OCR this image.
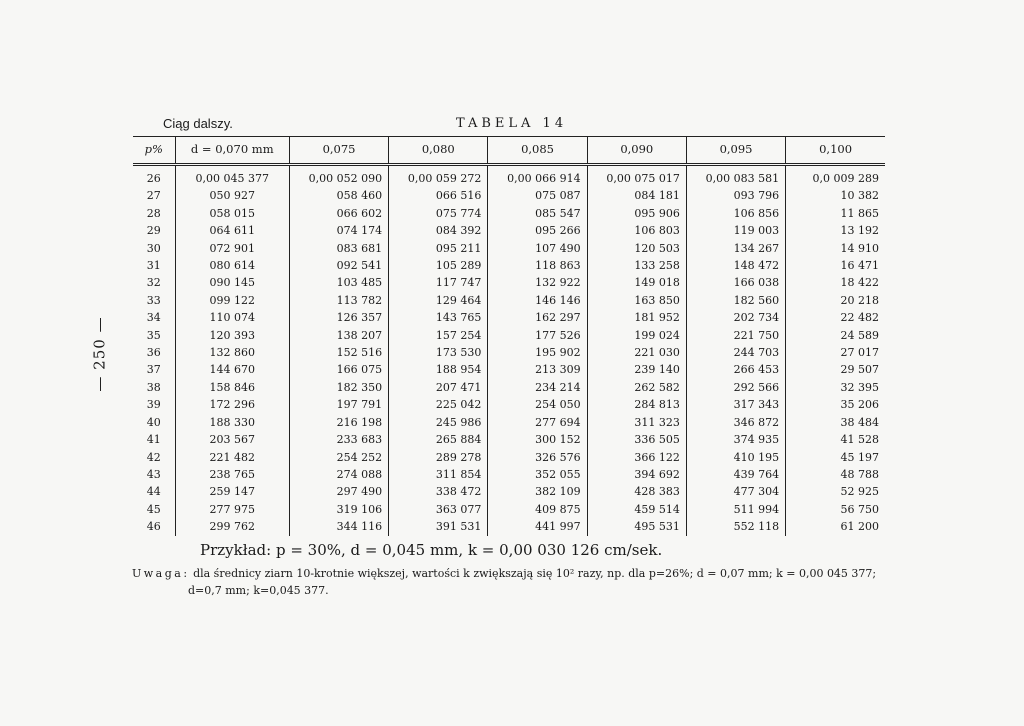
— 250 —
Ciąg dalszy.	TABELA 14
p%	d = 0,070 mm	0,075	0,080	0,085	0,090	0,095	0,100
26	0,00 045 377	0,00 052 090	0,00 059 272	0,00 066 914	0,00 075 017	0,00 083 581	0,0 009 289
27	050 927	058 460	066 516	075 087	084 181	093 796	10 382
28	058 015	066 602	075 774	085 547	095 906	106 856	11 865
29	064 611	074 174	084 392	095 266	106 803	119 003	13 192
30	072 901	083 681	095 211	107 490	120 503	134 267	14 910
31	080 614	092 541	105 289	118 863	133 258	148 472	16 471
32	090 145	103 485	117 747	132 922	149 018	166 038	18 422
33	099 122	113 782	129 464	146 146	163 850	182 560	20 218
34	110 074	126 357	143 765	162 297	181 952	202 734	22 482
35	120 393	138 207	157 254	177 526	199 024	221 750	24 589
36	132 860	152 516	173 530	195 902	221 030	244 703	27 017
37	144 670	166 075	188 954	213 309	239 140	266 453	29 507
38	158 846	182 350	207 471	234 214	262 582	292 566	32 395
39	172 296	197 791	225 042	254 050	284 813	317 343	35 206
40	188 330	216 198	245 986	277 694	311 323	346 872	38 484
41	203 567	233 683	265 884	300 152	336 505	374 935	41 528
42	221 482	254 252	289 278	326 576	366 122	410 195	45 197
43	238 765	274 088	311 854	352 055	394 692	439 764	48 788
44	259 147	297 490	338 472	382 109	428 383	477 304	52 925
45	277 975	319 106	363 077	409 875	459 514	511 994	56 750
46	299 762	344 116	391 531	441 997	495 531	552 118	61 200
Przykład: p = 30%, d = 0,045 mm, k = 0,00 030 126 cm/sek.
Uwaga: dla średnicy ziarn 10-krotnie większej, wartości k zwiększają się 10² razy, np. dla p=26%; d = 0,07 mm; k = 0,00 045 377;
d=0,7 mm; k=0,045 377.
